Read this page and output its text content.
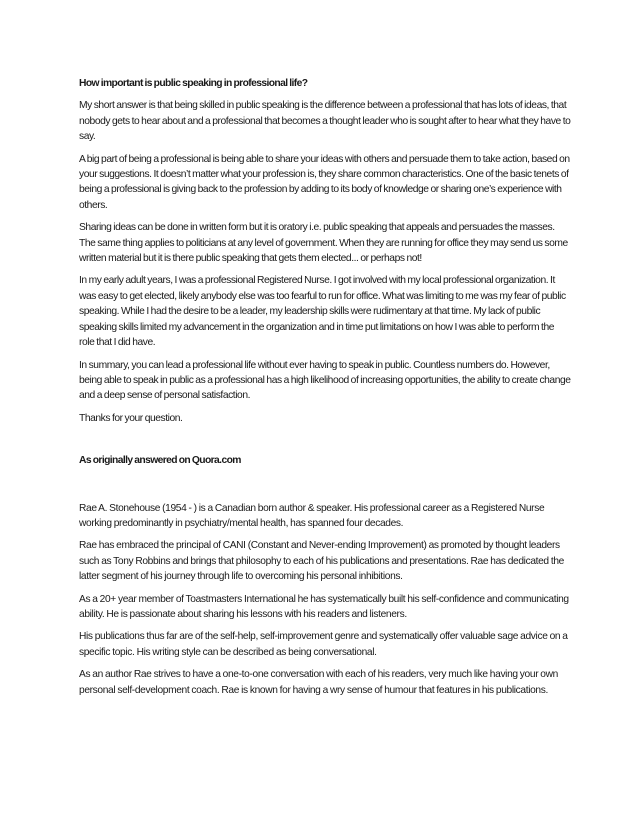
How important is public speaking in professional life?

My short answer is that being skilled in public speaking is the difference between a professional that has lots of ideas, that nobody gets to hear about and a professional that becomes a thought leader who is sought after to hear what they have to say.

A big part of being a professional is being able to share your ideas with others and persuade them to take action, based on your suggestions. It doesn’t matter what your profession is, they share common characteristics. One of the basic tenets of being a professional is giving back to the profession by adding to its body of knowledge or sharing one’s experience with others.

Sharing ideas can be done in written form but it is oratory i.e. public speaking that appeals and persuades the masses. The same thing applies to politicians at any level of government. When they are running for office they may send us some written material but it is there public speaking that gets them elected... or perhaps not!

In my early adult years, I was a professional Registered Nurse. I got involved with my local professional organization. It was easy to get elected, likely anybody else was too fearful to run for office. What was limiting to me was my fear of public speaking. While I had the desire to be a leader, my leadership skills were rudimentary at that time. My lack of public speaking skills limited my advancement in the organization and in time put limitations on how I was able to perform the role that I did have.

In summary, you can lead a professional life without ever having to speak in public. Countless numbers do. However, being able to speak in public as a professional has a high likelihood of increasing opportunities, the ability to create change and a deep sense of personal satisfaction.

Thanks for your question.

As originally answered on Quora.com

Rae A. Stonehouse (1954 - ) is a Canadian born author & speaker. His professional career as a Registered Nurse working predominantly in psychiatry/mental health, has spanned four decades.

Rae has embraced the principal of CANI (Constant and Never-ending Improvement) as promoted by thought leaders such as Tony Robbins and brings that philosophy to each of his publications and presentations. Rae has dedicated the latter segment of his journey through life to overcoming his personal inhibitions.

As a 20+ year member of Toastmasters International he has systematically built his self-confidence and communicating ability. He is passionate about sharing his lessons with his readers and listeners.

His publications thus far are of the self-help, self-improvement genre and systematically offer valuable sage advice on a specific topic. His writing style can be described as being conversational.

As an author Rae strives to have a one-to-one conversation with each of his readers, very much like having your own personal self-development coach. Rae is known for having a wry sense of humour that features in his publications.
